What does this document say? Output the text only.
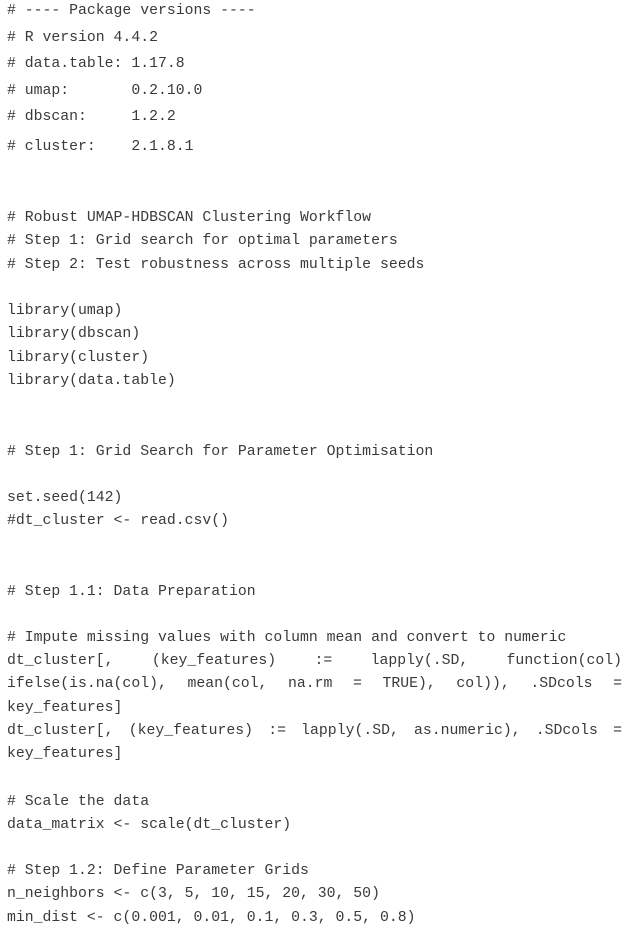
# ---- Package versions ----
# R version 4.4.2
# data.table: 1.17.8
# umap:       0.2.10.0
# dbscan:     1.2.2
# cluster:    2.1.8.1
# Robust UMAP-HDBSCAN Clustering Workflow
# Step 1: Grid search for optimal parameters
# Step 2: Test robustness across multiple seeds
library(umap)
library(dbscan)
library(cluster)
library(data.table)
# Step 1: Grid Search for Parameter Optimisation
set.seed(142)
#dt_cluster <- read.csv()
# Step 1.1: Data Preparation
# Impute missing values with column mean and convert to numeric
dt_cluster[, (key_features) := lapply(.SD, function(col) ifelse(is.na(col), mean(col, na.rm = TRUE), col)), .SDcols = key_features]
dt_cluster[, (key_features) := lapply(.SD, as.numeric), .SDcols = key_features]
# Scale the data
data_matrix <- scale(dt_cluster)
# Step 1.2: Define Parameter Grids
n_neighbors <- c(3, 5, 10, 15, 20, 30, 50)
min_dist <- c(0.001, 0.01, 0.1, 0.3, 0.5, 0.8)
